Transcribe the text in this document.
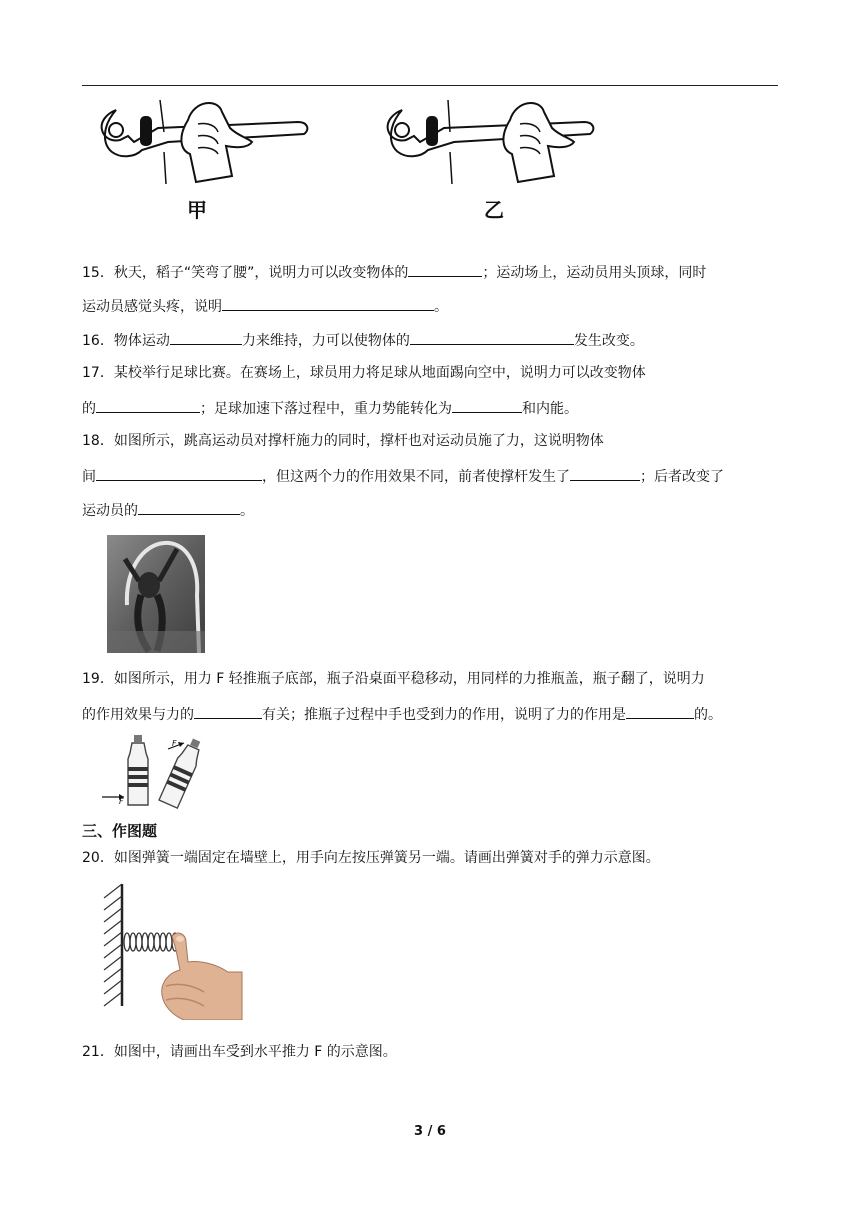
甲	乙
15．秋天，稻子“笑弯了腰”，说明力可以改变物体的	；运动场上，运动员用头顶球，同时
运动员感觉头疼，说明	。
16．物体运动	力来维持，力可以使物体的	发生改变。
17．某校举行足球比赛。在赛场上，球员用力将足球从地面踢向空中，说明力可以改变物体
的	；足球加速下落过程中，重力势能转化为	和内能。
18．如图所示，跳高运动员对撑杆施力的同时，撑杆也对运动员施了力，这说明物体
间	，但这两个力的作用效果不同，前者使撑杆发生了	；后者改变了
运动员的	。
19．如图所示，用力 F 轻推瓶子底部，瓶子沿桌面平稳移动，用同样的力推瓶盖，瓶子翻了，说明力
的作用效果与力的	有关；推瓶子过程中手也受到力的作用，说明了力的作用是	的。
F
F
三、作图题
20．如图弹簧一端固定在墙壁上，用手向左按压弹簧另一端。请画出弹簧对手的弹力示意图。
21．如图中，请画出车受到水平推力 F 的示意图。
3 / 6
